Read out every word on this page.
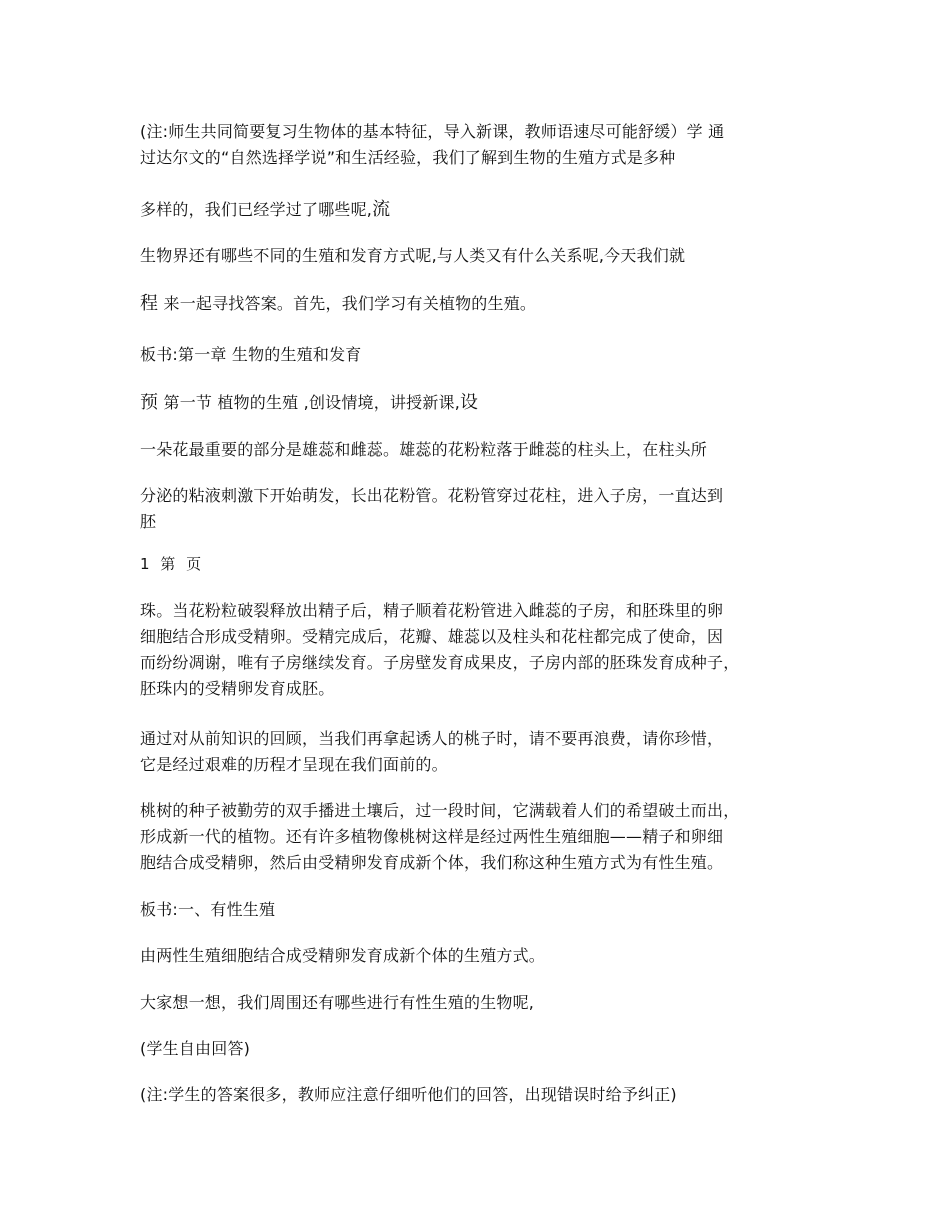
(注:师生共同简要复习生物体的基本特征，导入新课，教师语速尽可能舒缓）学 通
过达尔文的“自然选择学说”和生活经验，我们了解到生物的生殖方式是多种
多样的，我们已经学过了哪些呢,流
生物界还有哪些不同的生殖和发育方式呢,与人类又有什么关系呢,今天我们就
程 来一起寻找答案。首先，我们学习有关植物的生殖。
板书:第一章 生物的生殖和发育
预 第一节 植物的生殖 ,创设情境，讲授新课,设
一朵花最重要的部分是雄蕊和雌蕊。雄蕊的花粉粒落于雌蕊的柱头上，在柱头所
分泌的粘液刺激下开始萌发，长出花粉管。花粉管穿过花柱，进入子房，一直达到
胚
1 第 页
珠。当花粉粒破裂释放出精子后，精子顺着花粉管进入雌蕊的子房，和胚珠里的卵
细胞结合形成受精卵。受精完成后，花瓣、雄蕊以及柱头和花柱都完成了使命，因
而纷纷凋谢，唯有子房继续发育。子房壁发育成果皮，子房内部的胚珠发育成种子，
胚珠内的受精卵发育成胚。
通过对从前知识的回顾，当我们再拿起诱人的桃子时，请不要再浪费，请你珍惜，
它是经过艰难的历程才呈现在我们面前的。
桃树的种子被勤劳的双手播进土壤后，过一段时间，它满载着人们的希望破土而出，
形成新一代的植物。还有许多植物像桃树这样是经过两性生殖细胞——精子和卵细
胞结合成受精卵，然后由受精卵发育成新个体，我们称这种生殖方式为有性生殖。
板书:一、有性生殖
由两性生殖细胞结合成受精卵发育成新个体的生殖方式。
大家想一想，我们周围还有哪些进行有性生殖的生物呢,
(学生自由回答)
(注:学生的答案很多，教师应注意仔细听他们的回答，出现错误时给予纠正)
